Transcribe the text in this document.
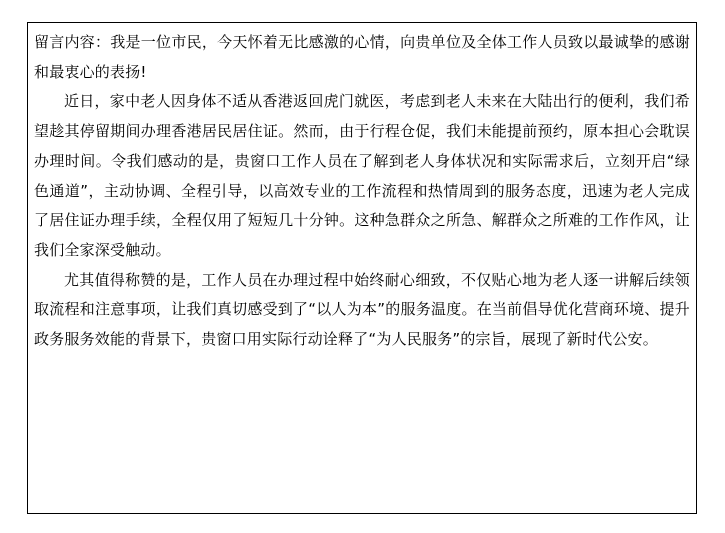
留言内容：我是一位市民，今天怀着无比感激的心情，向贵单位及全体工作人员致以最诚挚的感谢和最衷心的表扬!

近日，家中老人因身体不适从香港返回虎门就医，考虑到老人未来在大陆出行的便利，我们希望趁其停留期间办理香港居民居住证。然而，由于行程仓促，我们未能提前预约，原本担心会耽误办理时间。令我们感动的是，贵窗口工作人员在了解到老人身体状况和实际需求后，立刻开启“绿色通道”，主动协调、全程引导，以高效专业的工作流程和热情周到的服务态度，迅速为老人完成了居住证办理手续，全程仅用了短短几十分钟。这种急群众之所急、解群众之所难的工作作风，让我们全家深受触动。

尤其值得称赞的是，工作人员在办理过程中始终耐心细致，不仅贴心地为老人逐一讲解后续领取流程和注意事项，让我们真切感受到了“以人为本”的服务温度。在当前倡导优化营商环境、提升政务服务效能的背景下，贵窗口用实际行动诠释了“为人民服务”的宗旨，展现了新时代公安。
